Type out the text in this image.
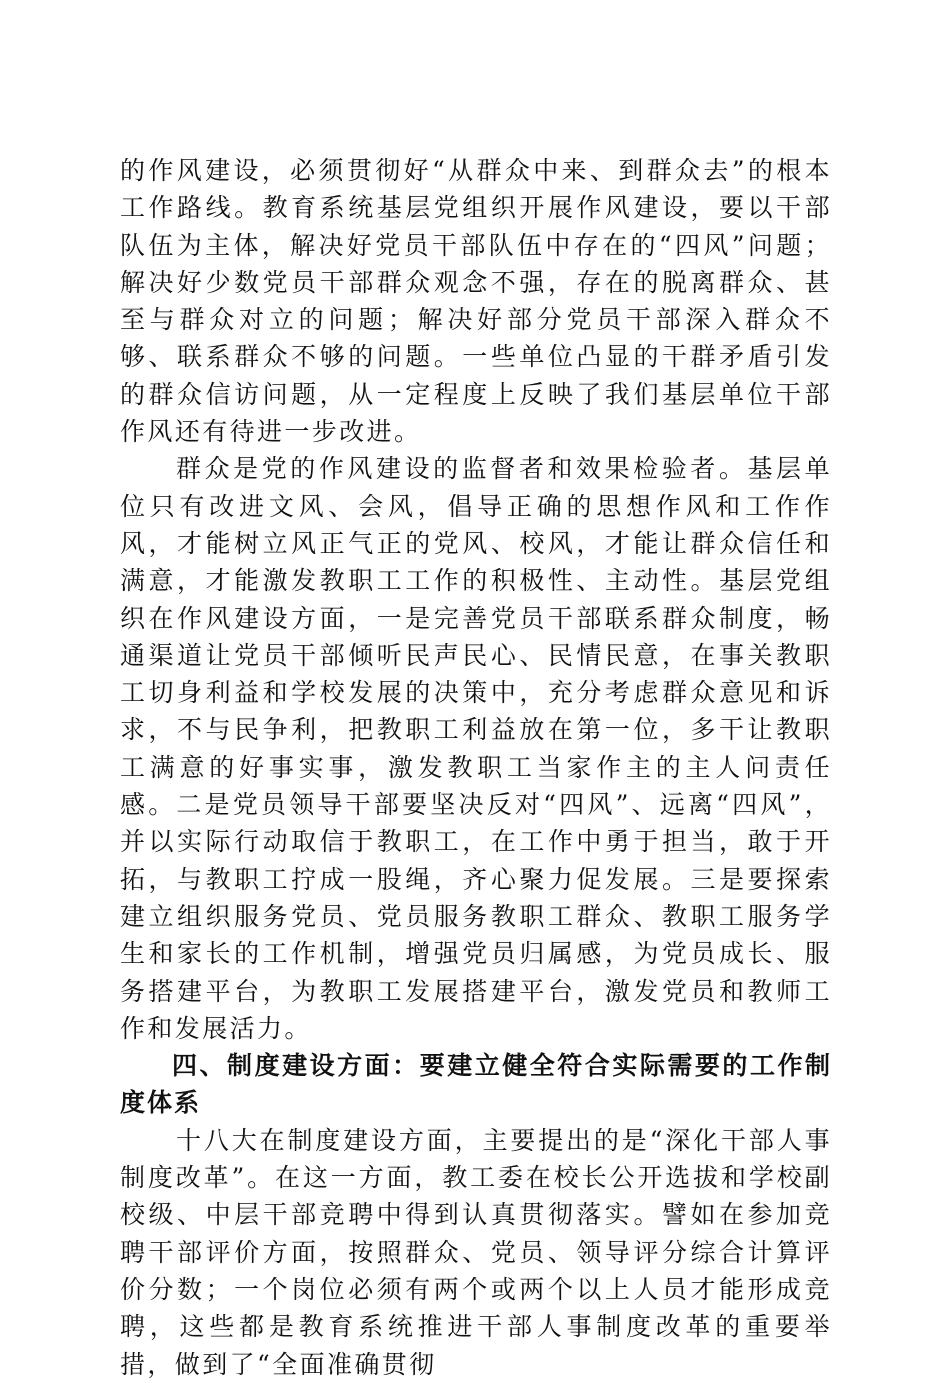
的作风建设，必须贯彻好“从群众中来、到群众去”的根本工作路线。教育系统基层党组织开展作风建设，要以干部队伍为主体，解决好党员干部队伍中存在的“四风”问题；解决好少数党员干部群众观念不强，存在的脱离群众、甚至与群众对立的问题；解决好部分党员干部深入群众不够、联系群众不够的问题。一些单位凸显的干群矛盾引发的群众信访问题，从一定程度上反映了我们基层单位干部作风还有待进一步改进。

群众是党的作风建设的监督者和效果检验者。基层单位只有改进文风、会风，倡导正确的思想作风和工作作风，才能树立风正气正的党风、校风，才能让群众信任和满意，才能激发教职工工作的积极性、主动性。基层党组织在作风建设方面，一是完善党员干部联系群众制度，畅通渠道让党员干部倾听民声民心、民情民意，在事关教职工切身利益和学校发展的决策中，充分考虑群众意见和诉求，不与民争利，把教职工利益放在第一位，多干让教职工满意的好事实事，激发教职工当家作主的主人问责任感。二是党员领导干部要坚决反对“四风”、远离“四风”，并以实际行动取信于教职工，在工作中勇于担当，敢于开拓，与教职工拧成一股绳，齐心聚力促发展。三是要探索建立组织服务党员、党员服务教职工群众、教职工服务学生和家长的工作机制，增强党员归属感，为党员成长、服务搭建平台，为教职工发展搭建平台，激发党员和教师工作和发展活力。

四、制度建设方面：要建立健全符合实际需要的工作制度体系

十八大在制度建设方面，主要提出的是“深化干部人事制度改革”。在这一方面，教工委在校长公开选拔和学校副校级、中层干部竞聘中得到认真贯彻落实。譬如在参加竞聘干部评价方面，按照群众、党员、领导评分综合计算评价分数；一个岗位必须有两个或两个以上人员才能形成竞聘，这些都是教育系统推进干部人事制度改革的重要举措，做到了“全面准确贯彻
